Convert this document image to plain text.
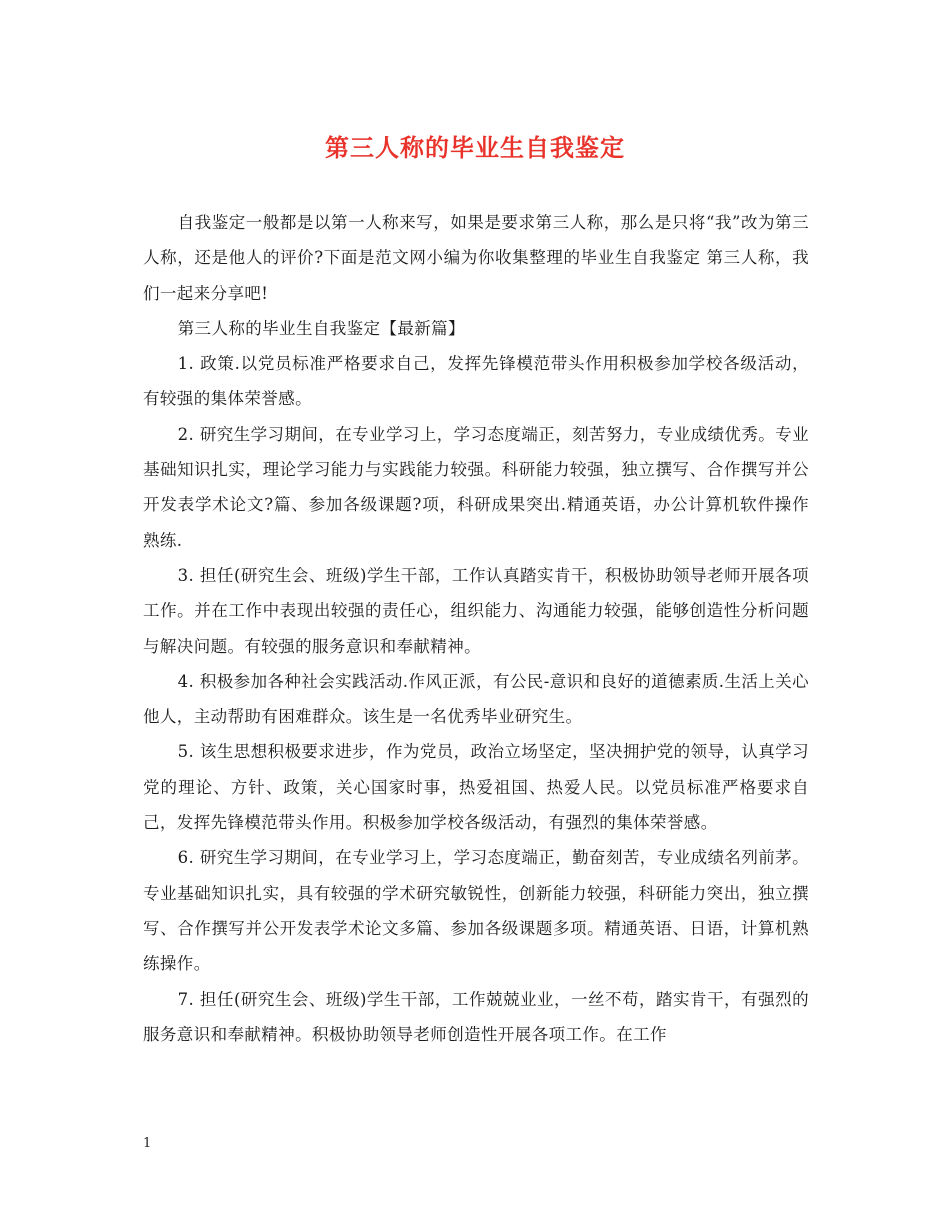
第三人称的毕业生自我鉴定

自我鉴定一般都是以第一人称来写，如果是要求第三人称，那么是只将“我”改为第三人称，还是他人的评价?下面是范文网小编为你收集整理的毕业生自我鉴定 第三人称，我们一起来分享吧!

第三人称的毕业生自我鉴定【最新篇】

1. 政策.以党员标准严格要求自己，发挥先锋模范带头作用积极参加学校各级活动，有较强的集体荣誉感。

2. 研究生学习期间，在专业学习上，学习态度端正，刻苦努力，专业成绩优秀。专业基础知识扎实，理论学习能力与实践能力较强。科研能力较强，独立撰写、合作撰写并公开发表学术论文?篇、参加各级课题?项，科研成果突出.精通英语，办公计算机软件操作熟练.

3. 担任(研究生会、班级)学生干部，工作认真踏实肯干，积极协助领导老师开展各项工作。并在工作中表现出较强的责任心，组织能力、沟通能力较强，能够创造性分析问题与解决问题。有较强的服务意识和奉献精神。

4. 积极参加各种社会实践活动.作风正派，有公民-意识和良好的道德素质.生活上关心他人，主动帮助有困难群众。该生是一名优秀毕业研究生。

5. 该生思想积极要求进步，作为党员，政治立场坚定，坚决拥护党的领导，认真学习党的理论、方针、政策，关心国家时事，热爱祖国、热爱人民。以党员标准严格要求自己，发挥先锋模范带头作用。积极参加学校各级活动，有强烈的集体荣誉感。

6. 研究生学习期间，在专业学习上，学习态度端正，勤奋刻苦，专业成绩名列前茅。专业基础知识扎实，具有较强的学术研究敏锐性，创新能力较强，科研能力突出，独立撰写、合作撰写并公开发表学术论文多篇、参加各级课题多项。精通英语、日语，计算机熟练操作。

7. 担任(研究生会、班级)学生干部，工作兢兢业业，一丝不苟，踏实肯干，有强烈的服务意识和奉献精神。积极协助领导老师创造性开展各项工作。在工作

1
